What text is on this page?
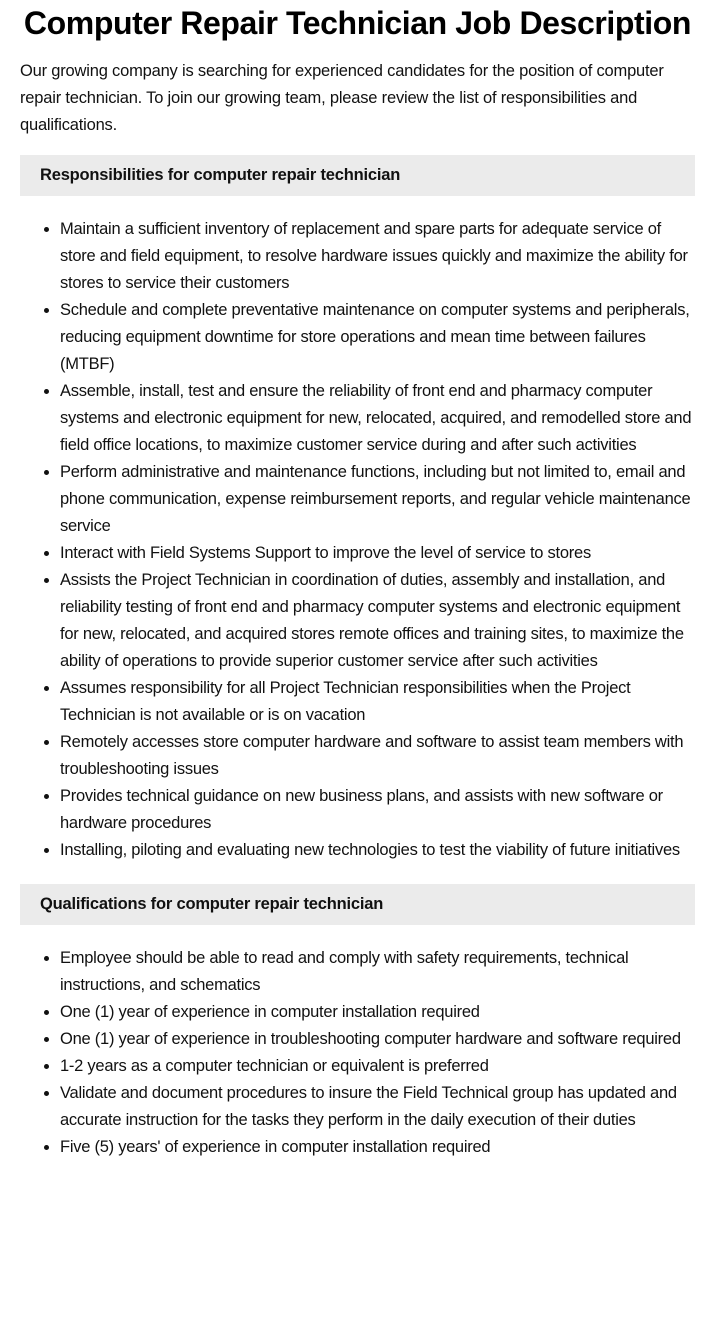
Computer Repair Technician Job Description

Our growing company is searching for experienced candidates for the position of computer repair technician. To join our growing team, please review the list of responsibilities and qualifications.

Responsibilities for computer repair technician
• Maintain a sufficient inventory of replacement and spare parts for adequate service of store and field equipment, to resolve hardware issues quickly and maximize the ability for stores to service their customers
• Schedule and complete preventative maintenance on computer systems and peripherals, reducing equipment downtime for store operations and mean time between failures (MTBF)
• Assemble, install, test and ensure the reliability of front end and pharmacy computer systems and electronic equipment for new, relocated, acquired, and remodelled store and field office locations, to maximize customer service during and after such activities
• Perform administrative and maintenance functions, including but not limited to, email and phone communication, expense reimbursement reports, and regular vehicle maintenance service
• Interact with Field Systems Support to improve the level of service to stores
• Assists the Project Technician in coordination of duties, assembly and installation, and reliability testing of front end and pharmacy computer systems and electronic equipment for new, relocated, and acquired stores remote offices and training sites, to maximize the ability of operations to provide superior customer service after such activities
• Assumes responsibility for all Project Technician responsibilities when the Project Technician is not available or is on vacation
• Remotely accesses store computer hardware and software to assist team members with troubleshooting issues
• Provides technical guidance on new business plans, and assists with new software or hardware procedures
• Installing, piloting and evaluating new technologies to test the viability of future initiatives
Qualifications for computer repair technician
• Employee should be able to read and comply with safety requirements, technical instructions, and schematics
• One (1) year of experience in computer installation required
• One (1) year of experience in troubleshooting computer hardware and software required
• 1-2 years as a computer technician or equivalent is preferred
• Validate and document procedures to insure the Field Technical group has updated and accurate instruction for the tasks they perform in the daily execution of their duties
• Five (5) years' of experience in computer installation required
